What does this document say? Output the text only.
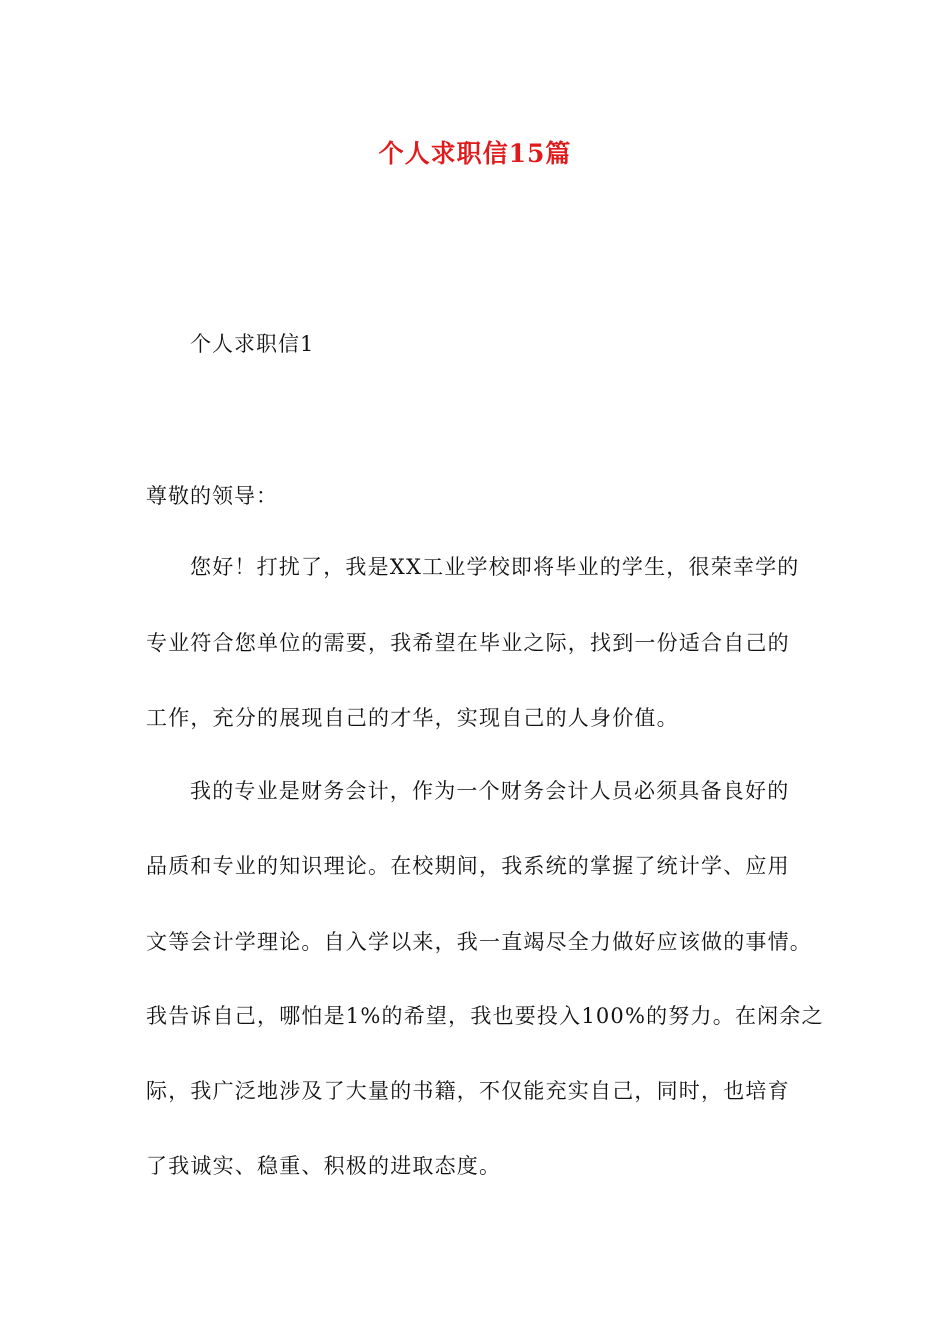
个人求职信15篇
个人求职信1
尊敬的领导：
您好！打扰了，我是XX工业学校即将毕业的学生，很荣幸学的
专业符合您单位的需要，我希望在毕业之际，找到一份适合自己的
工作，充分的展现自己的才华，实现自己的人身价值。
我的专业是财务会计，作为一个财务会计人员必须具备良好的
品质和专业的知识理论。在校期间，我系统的掌握了统计学、应用
文等会计学理论。自入学以来，我一直竭尽全力做好应该做的事情。
我告诉自己，哪怕是1%的希望，我也要投入100%的努力。在闲余之
际，我广泛地涉及了大量的书籍，不仅能充实自己，同时，也培育
了我诚实、稳重、积极的进取态度。
